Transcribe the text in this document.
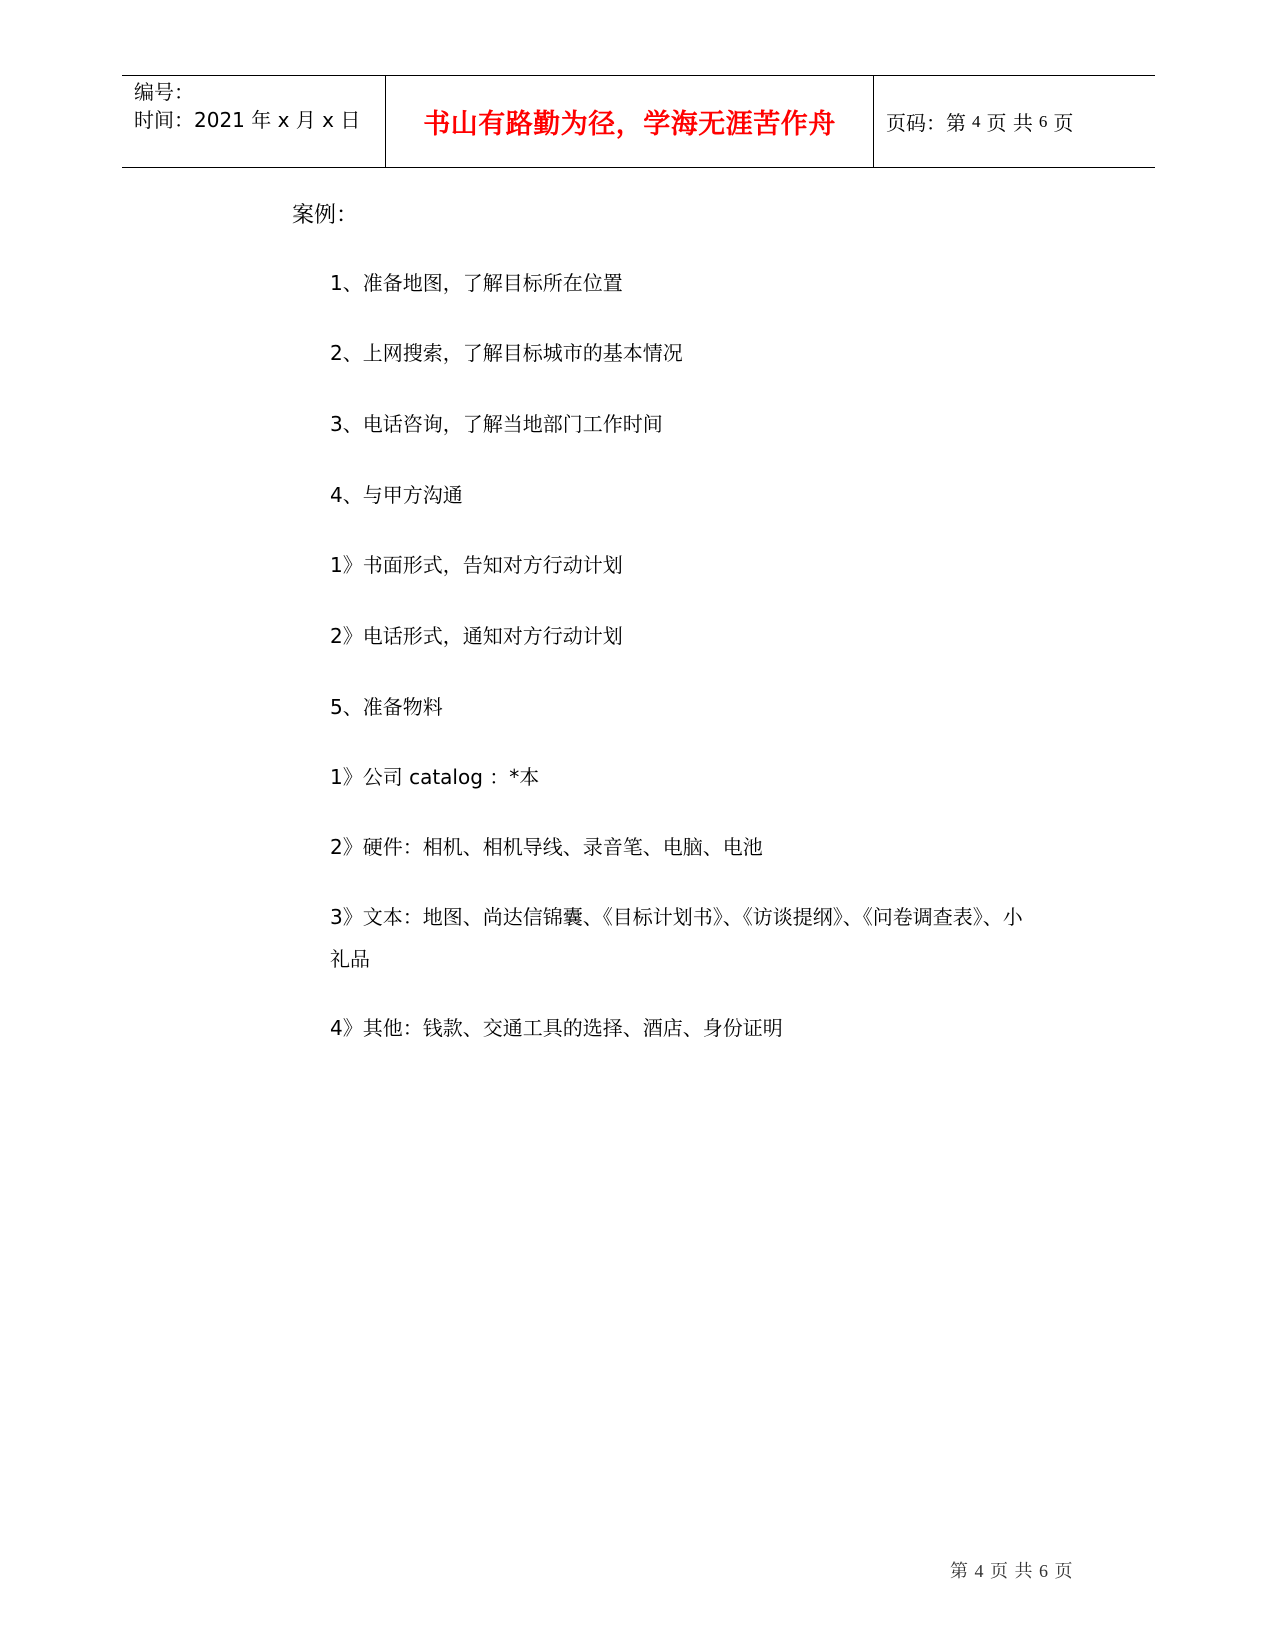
编号：
时间：2021 年 x 月 x 日	书山有路勤为径，学海无涯苦作舟	页码：第 4 页 共 6 页
案例：
1、准备地图，了解目标所在位置
2、上网搜索，了解目标城市的基本情况
3、电话咨询，了解当地部门工作时间
4、与甲方沟通
1》书面形式，告知对方行动计划
2》电话形式，通知对方行动计划
5、准备物料
1》公司 catalog ：*本
2》硬件：相机、相机导线、录音笔、电脑、电池
3》文本：地图、尚达信锦囊、《目标计划书》、《访谈提纲》、《问卷调查表》、小
礼品
4》其他：钱款、交通工具的选择、酒店、身份证明
第 4 页 共 6 页
